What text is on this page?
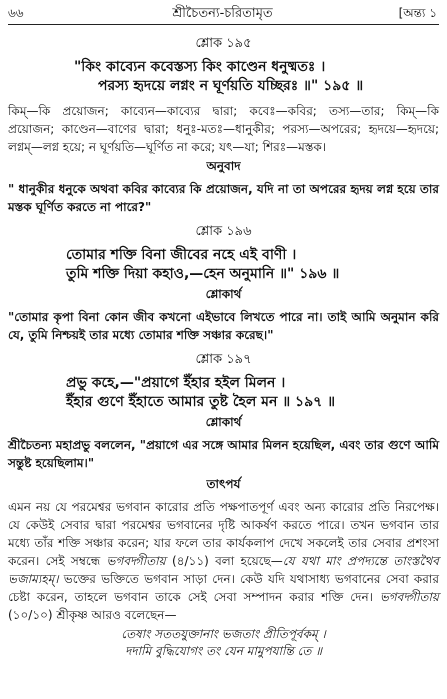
৬৬	শ্রীচৈতন্য-চরিতামৃত	[অন্ত্য ১
শ্লোক ১৯৫
"কিং কাব্যেন কবেস্তস্য কিং কাণ্ডেন ধনুষ্মতঃ ।
পরস্য হৃদয়ে লগ্নং ন ঘূর্ণয়তি যচ্ছিরঃ ॥" ১৯৫ ॥
কিম্—কি প্রয়োজন; কাব্যেন—কাব্যের দ্বারা; কবেঃ—কবির; তস্য—তার; কিম্—কি প্রয়োজন; কাণ্ডেন—বাণের দ্বারা; ধনুঃ-মতঃ—ধানুকীর; পরস্য—অপরের; হৃদয়ে—হৃদয়ে; লগ্নম্—লগ্ন হয়ে; ন ঘূর্ণয়তি—ঘূর্ণিত না করে; যৎ—যা; শিরঃ—মস্তক।
অনুবাদ
" ধানুকীর ধনুকে অথবা কবির কাব্যের কি প্রয়োজন, যদি না তা অপরের হৃদয় লগ্ন হয়ে তার মস্তক ঘূর্ণিত করতে না পারে?"
শ্লোক ১৯৬
তোমার শক্তি বিনা জীবের নহে এই বাণী ।
তুমি শক্তি দিয়া কহাও,—হেন অনুমানি ॥" ১৯৬ ॥
শ্লোকার্থ
"তোমার কৃপা বিনা কোন জীব কখনো এইভাবে লিখতে পারে না। তাই আমি অনুমান করি যে, তুমি নিশ্চয়ই তার মধ্যে তোমার শক্তি সঞ্চার করেছ।"
শ্লোক ১৯৭
প্রভু কহে,—"প্রয়াগে ইঁহার হইল মিলন ।
ইঁহার গুণে ইঁহাতে আমার তুষ্ট হৈল মন ॥ ১৯৭ ॥
শ্লোকার্থ
শ্রীচৈতন্য মহাপ্রভু বললেন, "প্রয়াগে এর সঙ্গে আমার মিলন হয়েছিল, এবং তার গুণে আমি সন্তুষ্ট হয়েছিলাম।"
তাৎপর্য
এমন নয় যে পরমেশ্বর ভগবান কারোর প্রতি পক্ষপাতপূর্ণ এবং অন্য কারোর প্রতি নিরপেক্ষ। যে কেউই সেবার দ্বারা পরমেশ্বর ভগবানের দৃষ্টি আকর্ষণ করতে পারে। তখন ভগবান তার মধ্যে তাঁর শক্তি সঞ্চার করেন; যার ফলে তার কার্যকলাপ দেখে সকলেই তার সেবার প্রশংসা করেন। সেই সম্বন্ধে ভগবদ্গীতায় (৪/১১) বলা হয়েছে—যে যথা মাং প্রপদ্যন্তে তাংস্তথৈব ভজাম্যহম্। ভক্তের ভক্তিতে ভগবান সাড়া দেন। কেউ যদি যথাসাধ্য ভগবানের সেবা করার চেষ্টা করেন, তাহলে ভগবান তাকে সেই সেবা সম্পাদন করার শক্তি দেন। ভগবদ্গীতায় (১০/১০) শ্রীকৃষ্ণ আরও বলেছেন—
তেষাং সততযুক্তানাং ভজতাং প্রীতিপূর্বকম্ ।
দদামি বুদ্ধিযোগং তং যেন মামুপযান্তি তে ॥
